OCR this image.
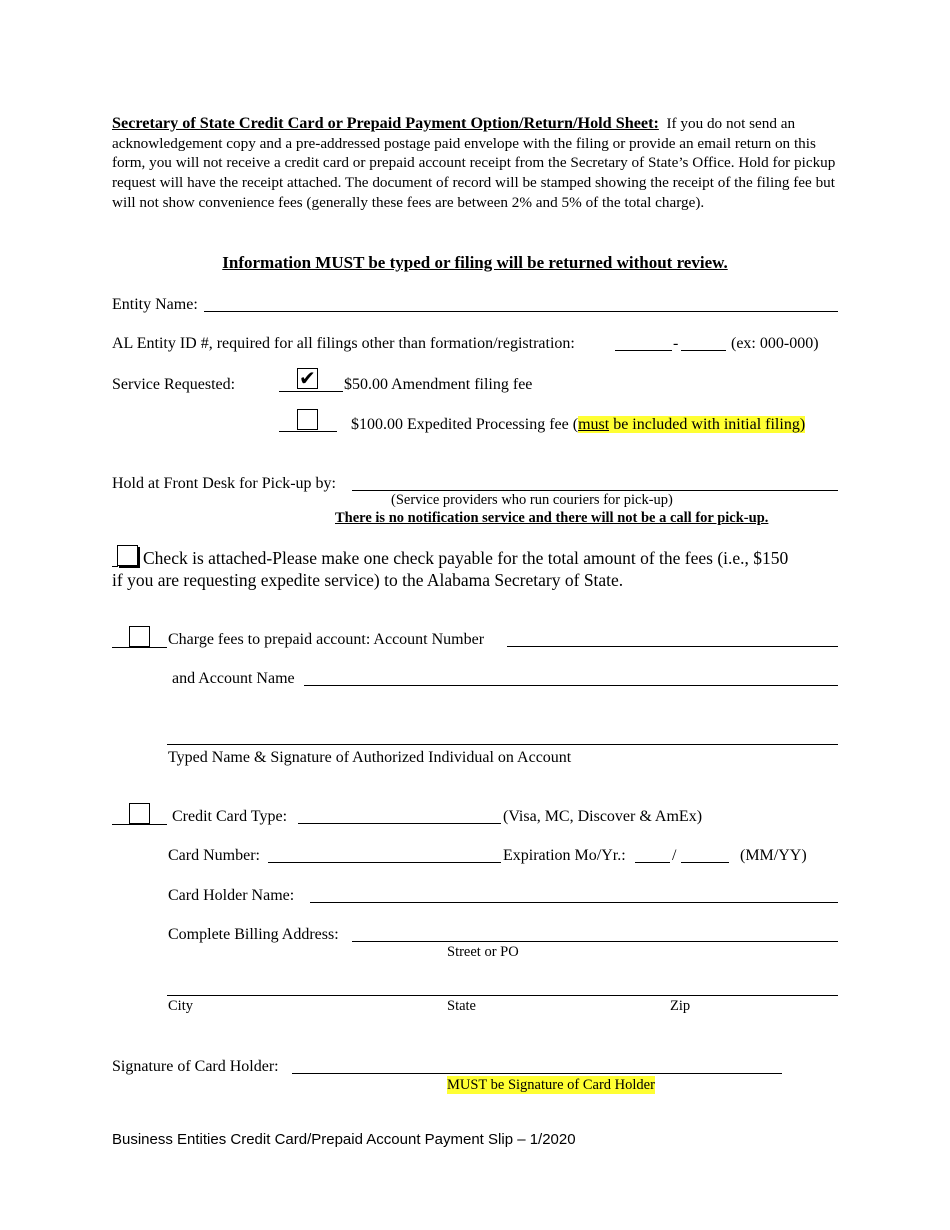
Secretary of State Credit Card or Prepaid Payment Option/Return/Hold Sheet: If you do not send an acknowledgement copy and a pre-addressed postage paid envelope with the filing or provide an email return on this form, you will not receive a credit card or prepaid account receipt from the Secretary of State’s Office. Hold for pickup request will have the receipt attached. The document of record will be stamped showing the receipt of the filing fee but will not show convenience fees (generally these fees are between 2% and 5% of the total charge).
Information MUST be typed or filing will be returned without review.
Entity Name:
AL Entity ID #, required for all filings other than formation/registration:	-	(ex: 000-000)
Service Requested:	✔ $50.00 Amendment filing fee
$100.00 Expedited Processing fee (must be included with initial filing)
Hold at Front Desk for Pick-up by:
(Service providers who run couriers for pick-up)
There is no notification service and there will not be a call for pick-up.
Check is attached-Please make one check payable for the total amount of the fees (i.e., $150
if you are requesting expedite service) to the Alabama Secretary of State.
Charge fees to prepaid account: Account Number
and Account Name
Typed Name & Signature of Authorized Individual on Account
Credit Card Type:	(Visa, MC, Discover & AmEx)
Card Number:	Expiration Mo/Yr.:	/	(MM/YY)
Card Holder Name:
Complete Billing Address:
Street or PO
City	State	Zip
Signature of Card Holder:
MUST be Signature of Card Holder
Business Entities Credit Card/Prepaid Account Payment Slip – 1/2020
